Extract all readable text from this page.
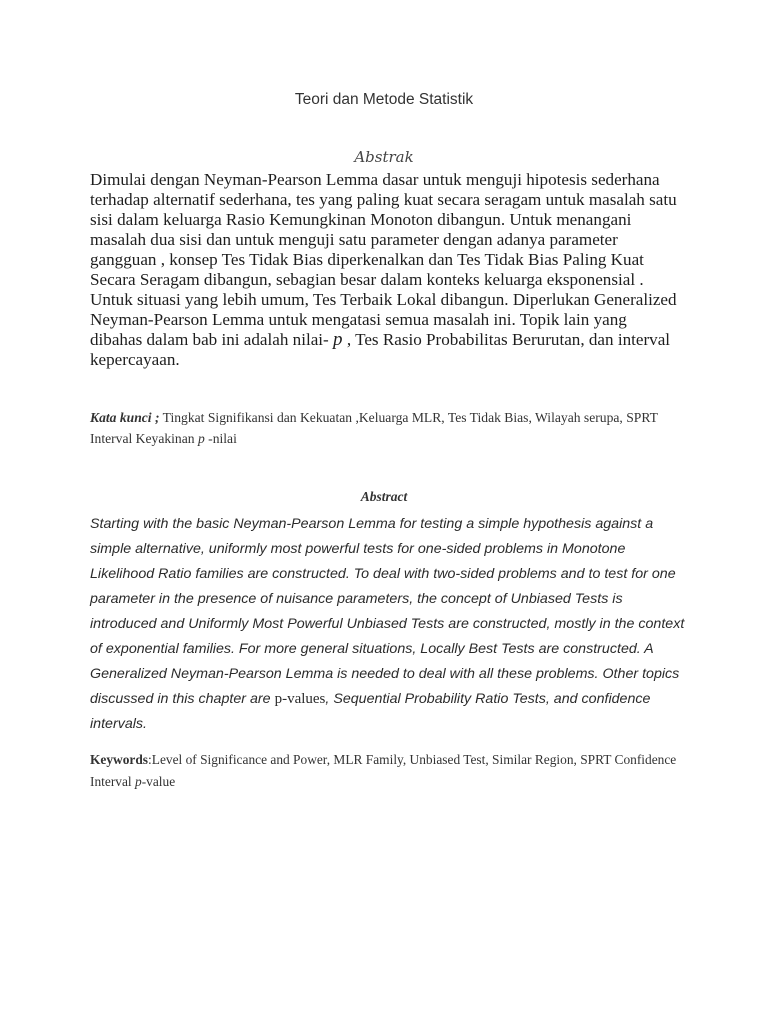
Teori dan Metode Statistik
Abstrak
Dimulai dengan Neyman-Pearson Lemma dasar untuk menguji hipotesis sederhana terhadap alternatif sederhana, tes yang paling kuat secara seragam untuk masalah satu sisi dalam keluarga Rasio Kemungkinan Monoton dibangun. Untuk menangani masalah dua sisi dan untuk menguji satu parameter dengan adanya parameter gangguan , konsep Tes Tidak Bias diperkenalkan dan Tes Tidak Bias Paling Kuat Secara Seragam dibangun, sebagian besar dalam konteks keluarga eksponensial . Untuk situasi yang lebih umum, Tes Terbaik Lokal dibangun. Diperlukan Generalized Neyman-Pearson Lemma untuk mengatasi semua masalah ini. Topik lain yang dibahas dalam bab ini adalah nilai- p , Tes Rasio Probabilitas Berurutan, dan interval kepercayaan.
Kata kunci ; Tingkat Signifikansi dan Kekuatan ,Keluarga MLR, Tes Tidak Bias, Wilayah serupa, SPRT Interval Keyakinan p -nilai
Abstract
Starting with the basic Neyman-Pearson Lemma for testing a simple hypothesis against a simple alternative, uniformly most powerful tests for one-sided problems in Monotone Likelihood Ratio families are constructed. To deal with two-sided problems and to test for one parameter in the presence of nuisance parameters, the concept of Unbiased Tests is introduced and Uniformly Most Powerful Unbiased Tests are constructed, mostly in the context of exponential families. For more general situations, Locally Best Tests are constructed. A Generalized Neyman-Pearson Lemma is needed to deal with all these problems. Other topics discussed in this chapter are p-values, Sequential Probability Ratio Tests, and confidence intervals.
Keywords:Level of Significance and Power, MLR Family, Unbiased Test, Similar Region, SPRT Confidence Interval p-value
